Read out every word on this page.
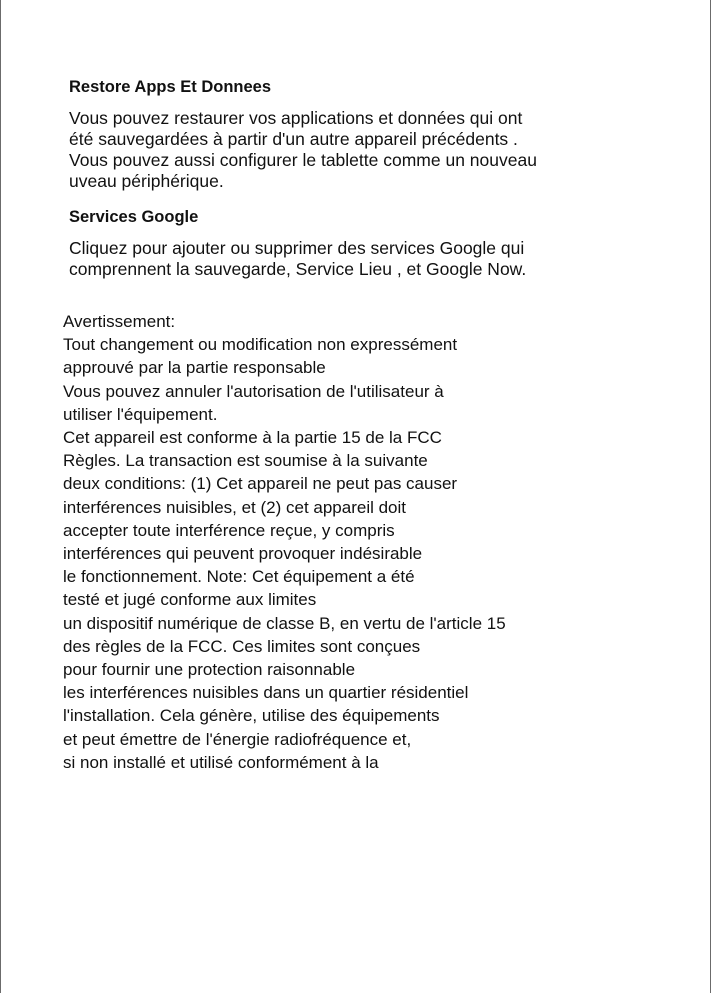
Restore Apps Et Donnees

Vous pouvez restaurer vos applications et données qui ont
été sauvegardées à partir d'un autre appareil précédents .
Vous pouvez aussi configurer le tablette comme un nouveau
uveau périphérique.

Services Google

Cliquez pour ajouter ou supprimer des services Google qui
comprennent la sauvegarde, Service Lieu , et Google Now.

Avertissement:
Tout changement ou modification non expressément
approuvé par la partie responsable
Vous pouvez annuler l'autorisation de l'utilisateur à
utiliser l'équipement.
Cet appareil est conforme à la partie 15 de la FCC
Règles. La transaction est soumise à la suivante
deux conditions: (1) Cet appareil ne peut pas causer
interférences nuisibles, et (2) cet appareil doit
accepter toute interférence reçue, y compris
interférences qui peuvent provoquer indésirable
le fonctionnement. Note: Cet équipement a été
testé et jugé conforme aux limites
un dispositif numérique de classe B, en vertu de l'article 15
des règles de la FCC. Ces limites sont conçues
pour fournir une protection raisonnable
les interférences nuisibles dans un quartier résidentiel
l'installation. Cela génère, utilise des équipements
et peut émettre de l'énergie radiofréquence et,
si non installé et utilisé conformément à la
